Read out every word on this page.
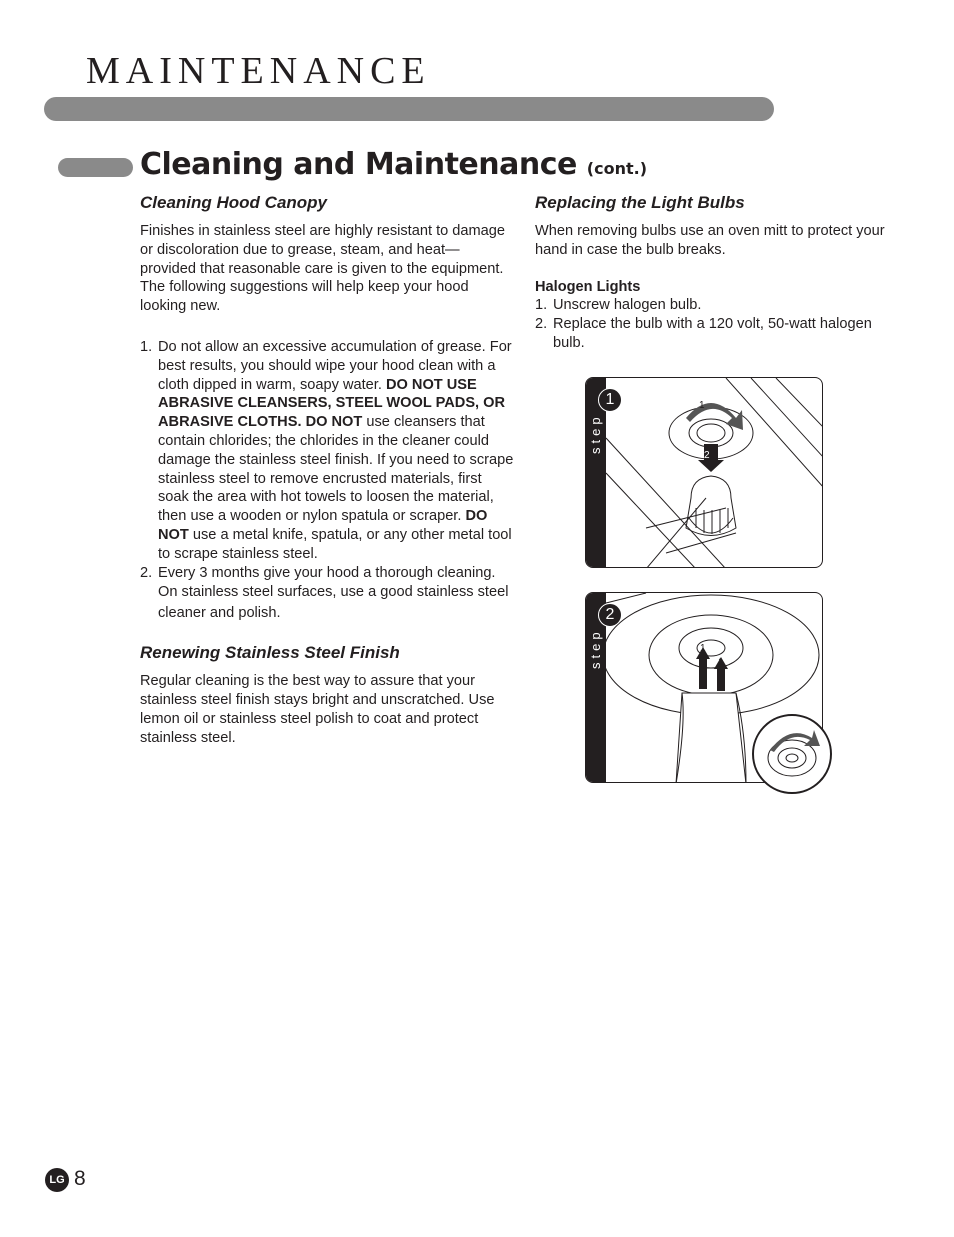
MAINTENANCE
Cleaning and Maintenance (cont.)
Cleaning Hood Canopy

Finishes in stainless steel are highly resistant to damage or discoloration due to grease, steam, and heat— provided that reasonable care is given to the equipment. The following suggestions will help keep your hood looking new.

1. Do not allow an excessive accumulation of grease. For best results, you should wipe your hood clean with a cloth dipped in warm, soapy water. DO NOT USE ABRASIVE CLEANSERS, STEEL WOOL PADS, OR ABRASIVE CLOTHS. DO NOT use cleansers that contain chlorides; the chlorides in the cleaner could damage the stainless steel finish. If you need to scrape stainless steel to remove encrusted materials, first soak the area with hot towels to loosen the material, then use a wooden or nylon spatula or scraper. DO NOT use a metal knife, spatula, or any other metal tool to scrape stainless steel.
2. Every 3 months give your hood a thorough cleaning. On stainless steel surfaces, use a good stainless steel cleaner and polish.
Renewing Stainless Steel Finish

Regular cleaning is the best way to assure that your stainless steel finish stays bright and unscratched. Use lemon oil or stainless steel polish to coat and protect stainless steel.

Replacing the Light Bulbs

When removing bulbs use an oven mitt to protect your hand in case the bulb breaks.

Halogen Lights
1. Unscrew halogen bulb.
2. Replace the bulb with a 120 volt, 50-watt halogen bulb.
step
1	1
2
step
2
1
1
2
LG 8
